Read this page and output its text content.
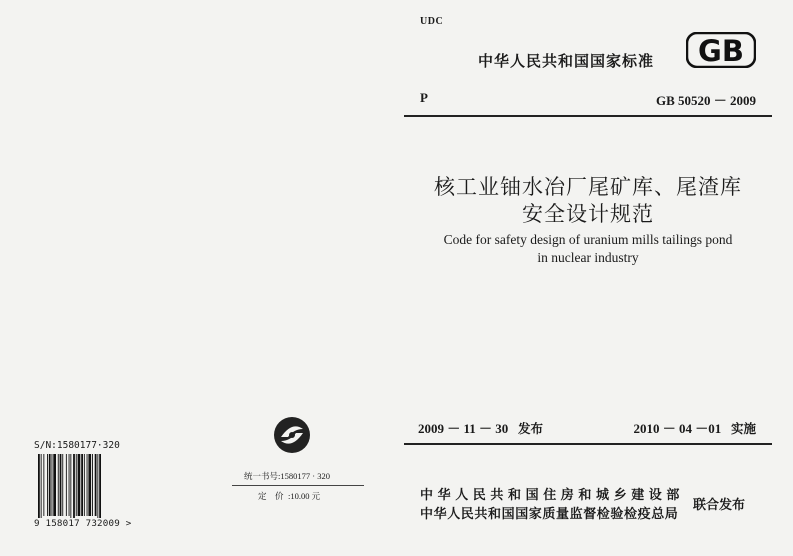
统一书号:1580177 · 320
定　价 :10.00 元
S/N:1580177·320
9 158017 732009 >
UDC
中华人民共和国国家标准 GB
P	GB 50520 － 2009
核工业铀水冶厂尾矿库、尾渣库
安全设计规范
Code for safety design of uranium mills tailings pond
in nuclear industry
2009 － 11 － 30 发布	2010 － 04 －01 实施
中华人民共和国住房和城乡建设部
中华人民共和国国家质量监督检验检疫总局
联合发布
